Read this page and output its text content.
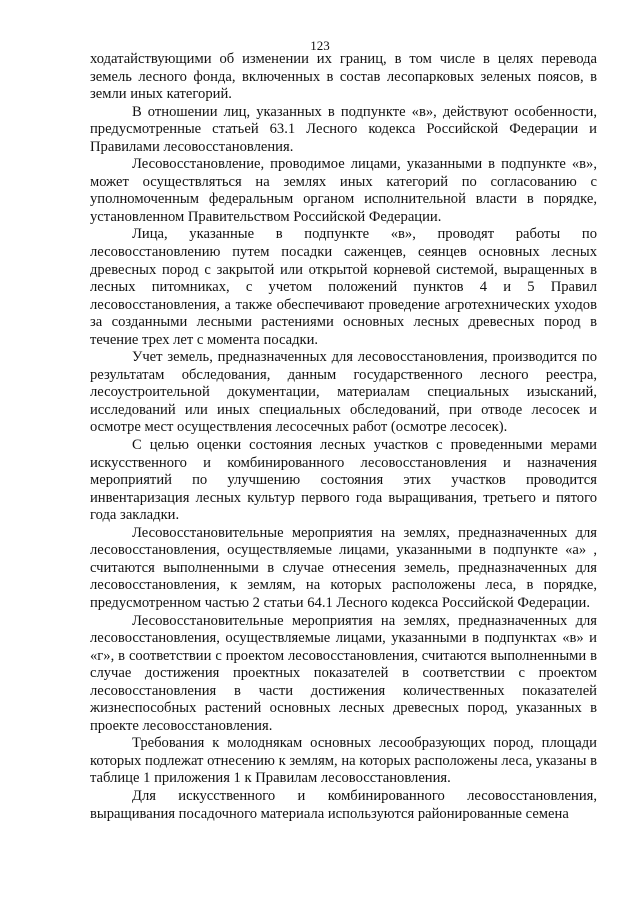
123

ходатайствующими об изменении их границ, в том числе в целях перевода земель лесного фонда, включенных в состав лесопарковых зеленых поясов, в земли иных категорий.

В отношении лиц, указанных в подпункте «в», действуют особенности, предусмотренные статьей 63.1 Лесного кодекса Российской Федерации и Правилами лесовосстановления.

Лесовосстановление, проводимое лицами, указанными в подпункте «в», может осуществляться на землях иных категорий по согласованию с уполномоченным федеральным органом исполнительной власти в порядке, установленном Правительством Российской Федерации.

Лица, указанные в подпункте «в», проводят работы по лесовосстановлению путем посадки саженцев, сеянцев основных лесных древесных пород с закрытой или открытой корневой системой, выращенных в лесных питомниках, с учетом положений пунктов 4 и 5 Правил лесовосстановления, а также обеспечивают проведение агротехнических уходов за созданными лесными растениями основных лесных древесных пород в течение трех лет с момента посадки.

Учет земель, предназначенных для лесовосстановления, производится по результатам обследования, данным государственного лесного реестра, лесоустроительной документации, материалам специальных изысканий, исследований или иных специальных обследований, при отводе лесосек и осмотре мест осуществления лесосечных работ (осмотре лесосек).

С целью оценки состояния лесных участков с проведенными мерами искусственного и комбинированного лесовосстановления и назначения мероприятий по улучшению состояния этих участков проводится инвентаризация лесных культур первого года выращивания, третьего и пятого года закладки.

Лесовосстановительные мероприятия на землях, предназначенных для лесовосстановления, осуществляемые лицами, указанными в подпункте «а» , считаются выполненными в случае отнесения земель, предназначенных для лесовосстановления, к землям, на которых расположены леса, в порядке, предусмотренном частью 2 статьи 64.1 Лесного кодекса Российской Федерации.

Лесовосстановительные мероприятия на землях, предназначенных для лесовосстановления, осуществляемые лицами, указанными в подпунктах «в» и «г», в соответствии с проектом лесовосстановления, считаются выполненными в случае достижения проектных показателей в соответствии с проектом лесовосстановления в части достижения количественных показателей жизнеспособных растений основных лесных древесных пород, указанных в проекте лесовосстановления.

Требования к молоднякам основных лесообразующих пород, площади которых подлежат отнесению к землям, на которых расположены леса, указаны в таблице 1 приложения 1 к Правилам лесовосстановления.

Для искусственного и комбинированного лесовосстановления, выращивания посадочного материала используются районированные семена
